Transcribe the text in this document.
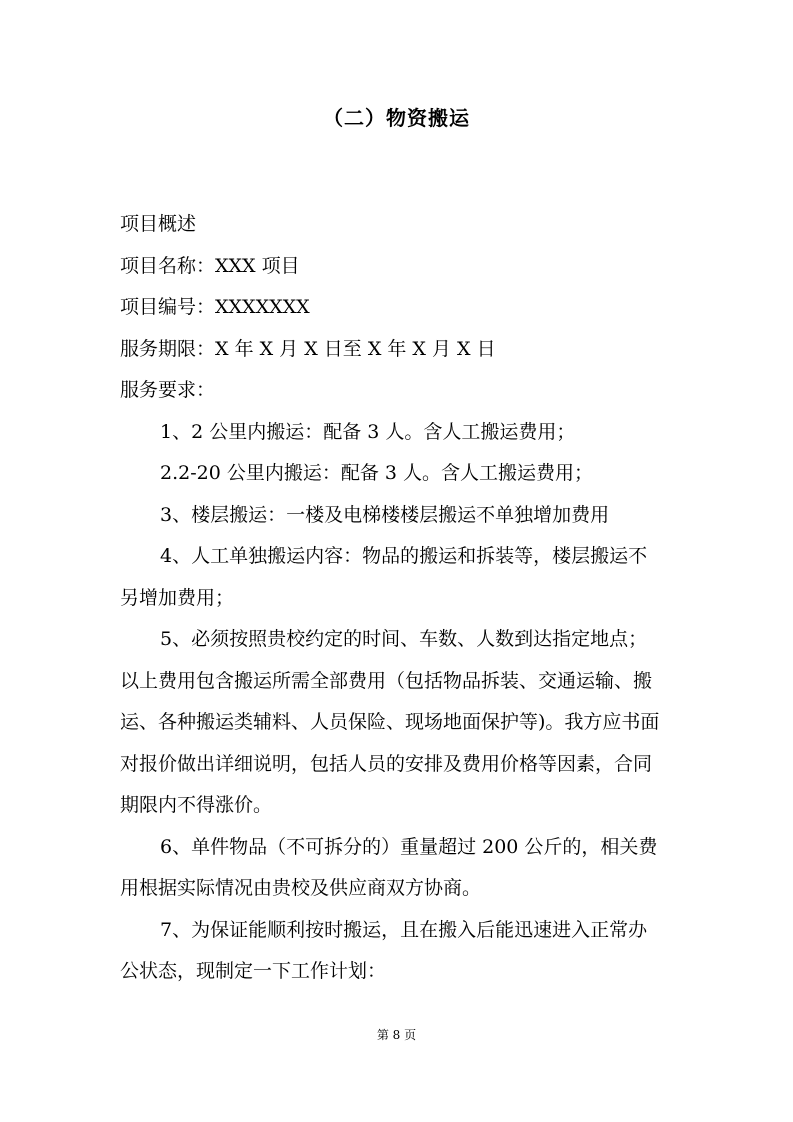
（二）物资搬运

项目概述

项目名称：XXX 项目

项目编号：XXXXXXX

服务期限：X 年 X 月 X 日至 X 年 X 月 X 日

服务要求：

1、2 公里内搬运：配备 3 人。含人工搬运费用；

2.2-20 公里内搬运：配备 3 人。含人工搬运费用；

3、楼层搬运：一楼及电梯楼楼层搬运不单独增加费用

4、人工单独搬运内容：物品的搬运和拆装等，楼层搬运不另增加费用；

5、必须按照贵校约定的时间、车数、人数到达指定地点；以上费用包含搬运所需全部费用（包括物品拆装、交通运输、搬运、各种搬运类辅料、人员保险、现场地面保护等)。我方应书面对报价做出详细说明，包括人员的安排及费用价格等因素，合同期限内不得涨价。

6、单件物品（不可拆分的）重量超过 200 公斤的，相关费用根据实际情况由贵校及供应商双方协商。

7、为保证能顺利按时搬运，且在搬入后能迅速进入正常办公状态，现制定一下工作计划：

第 8 页
